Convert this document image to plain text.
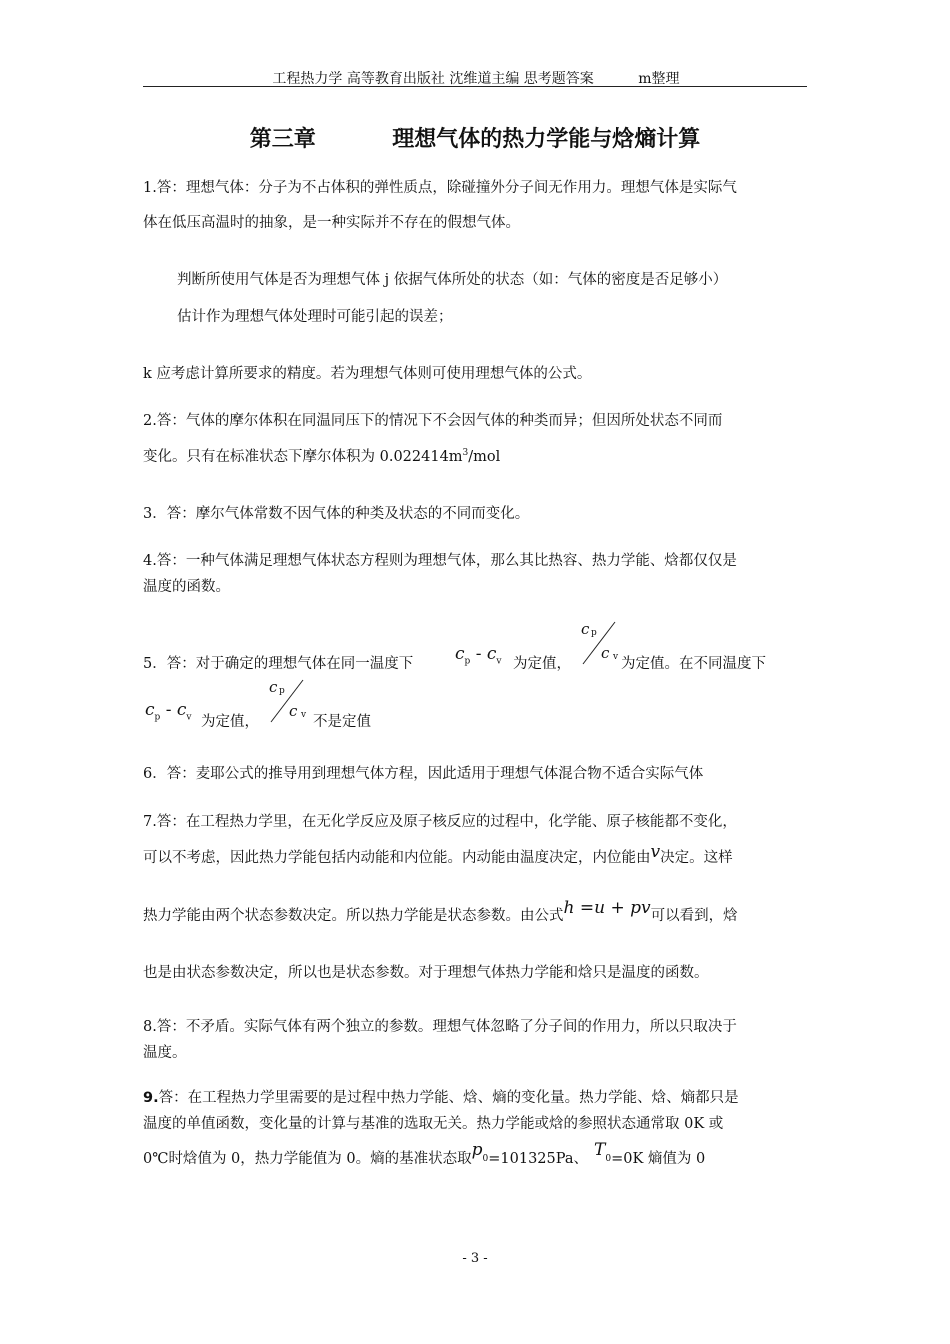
工程热力学 高等教育出版社 沈维道主编 思考题答案          m整理
第三章          理想气体的热力学能与焓熵计算
1.答：理想气体：分子为不占体积的弹性质点，除碰撞外分子间无作用力。理想气体是实际气
体在低压高温时的抽象，是一种实际并不存在的假想气体。
判断所使用气体是否为理想气体 j 依据气体所处的状态（如：气体的密度是否足够小）
估计作为理想气体处理时可能引起的误差；
k 应考虑计算所要求的精度。若为理想气体则可使用理想气体的公式。
2.答：气体的摩尔体积在同温同压下的情况下不会因气体的种类而异；但因所处状态不同而
变化。只有在标准状态下摩尔体积为 $0.022414m^3$/mol
3．答：摩尔气体常数不因气体的种类及状态的不同而变化。
4.答：一种气体满足理想气体状态方程则为理想气体，那么其比热容、热力学能、焓都仅仅是
温度的函数。
5．答：对于确定的理想气体在同一温度下 $c_p - c_v$ 为定值，
c p
c v 为定值。在不同温度下
$c_p - c_v$ 为定值，
c p
c v 不是定值
6．答：麦耶公式的推导用到理想气体方程，因此适用于理想气体混合物不适合实际气体
7.答：在工程热力学里，在无化学反应及原子核反应的过程中，化学能、原子核能都不变化，
可以不考虑，因此热力学能包括内动能和内位能。内动能由温度决定，内位能由v决定。这样
热力学能由两个状态参数决定。所以热力学能是状态参数。由公式h =u + pv可以看到，焓
也是由状态参数决定，所以也是状态参数。对于理想气体热力学能和焓只是温度的函数。
8.答：不矛盾。实际气体有两个独立的参数。理想气体忽略了分子间的作用力，所以只取决于
温度。
9.答：在工程热力学里需要的是过程中热力学能、焓、熵的变化量。热力学能、焓、熵都只是
温度的单值函数，变化量的计算与基准的选取无关。热力学能或焓的参照状态通常取 0K 或
0℃时焓值为 0，热力学能值为 0。熵的基准状态取$p_0=101325Pa$、 $T_0=0K$ 熵值为 0
- 3 -
